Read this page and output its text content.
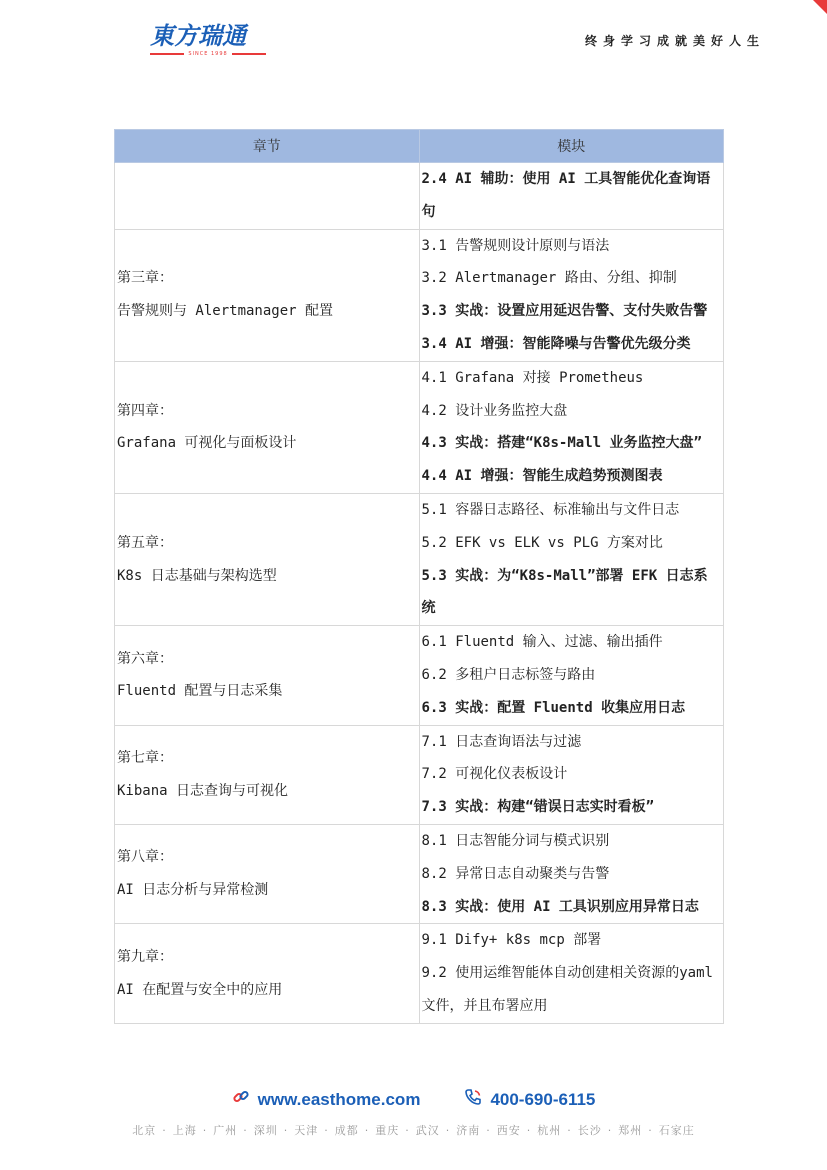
東方瑞通
SINCE 1998
终身学习成就美好人生
章节	模块

	2.4 AI 辅助：使用 AI 工具智能优化查询语句

第三章：
告警规则与 Alertmanager 配置	3.1 告警规则设计原则与语法
3.2 Alertmanager 路由、分组、抑制
3.3 实战：设置应用延迟告警、支付失败告警
3.4 AI 增强：智能降噪与告警优先级分类

第四章：
Grafana 可视化与面板设计	4.1 Grafana 对接 Prometheus
4.2 设计业务监控大盘
4.3 实战：搭建“K8s-Mall 业务监控大盘”
4.4 AI 增强：智能生成趋势预测图表

第五章：
K8s 日志基础与架构选型	5.1 容器日志路径、标准输出与文件日志
5.2 EFK vs ELK vs PLG 方案对比
5.3 实战：为“K8s-Mall”部署 EFK 日志系统

第六章：
Fluentd 配置与日志采集	6.1 Fluentd 输入、过滤、输出插件
6.2 多租户日志标签与路由
6.3 实战：配置 Fluentd 收集应用日志

第七章：
Kibana 日志查询与可视化	7.1 日志查询语法与过滤
7.2 可视化仪表板设计
7.3 实战：构建“错误日志实时看板”

第八章：
AI 日志分析与异常检测	8.1 日志智能分词与模式识别
8.2 异常日志自动聚类与告警
8.3 实战：使用 AI 工具识别应用异常日志

第九章：
AI 在配置与安全中的应用	9.1 Dify+ k8s mcp 部署
9.2 使用运维智能体自动创建相关资源的yaml 文件，并且布署应用
www.easthome.com	400-690-6115
北京 · 上海 · 广州 · 深圳 · 天津 · 成都 · 重庆 · 武汉 · 济南 · 西安 · 杭州 · 长沙 · 郑州 · 石家庄
